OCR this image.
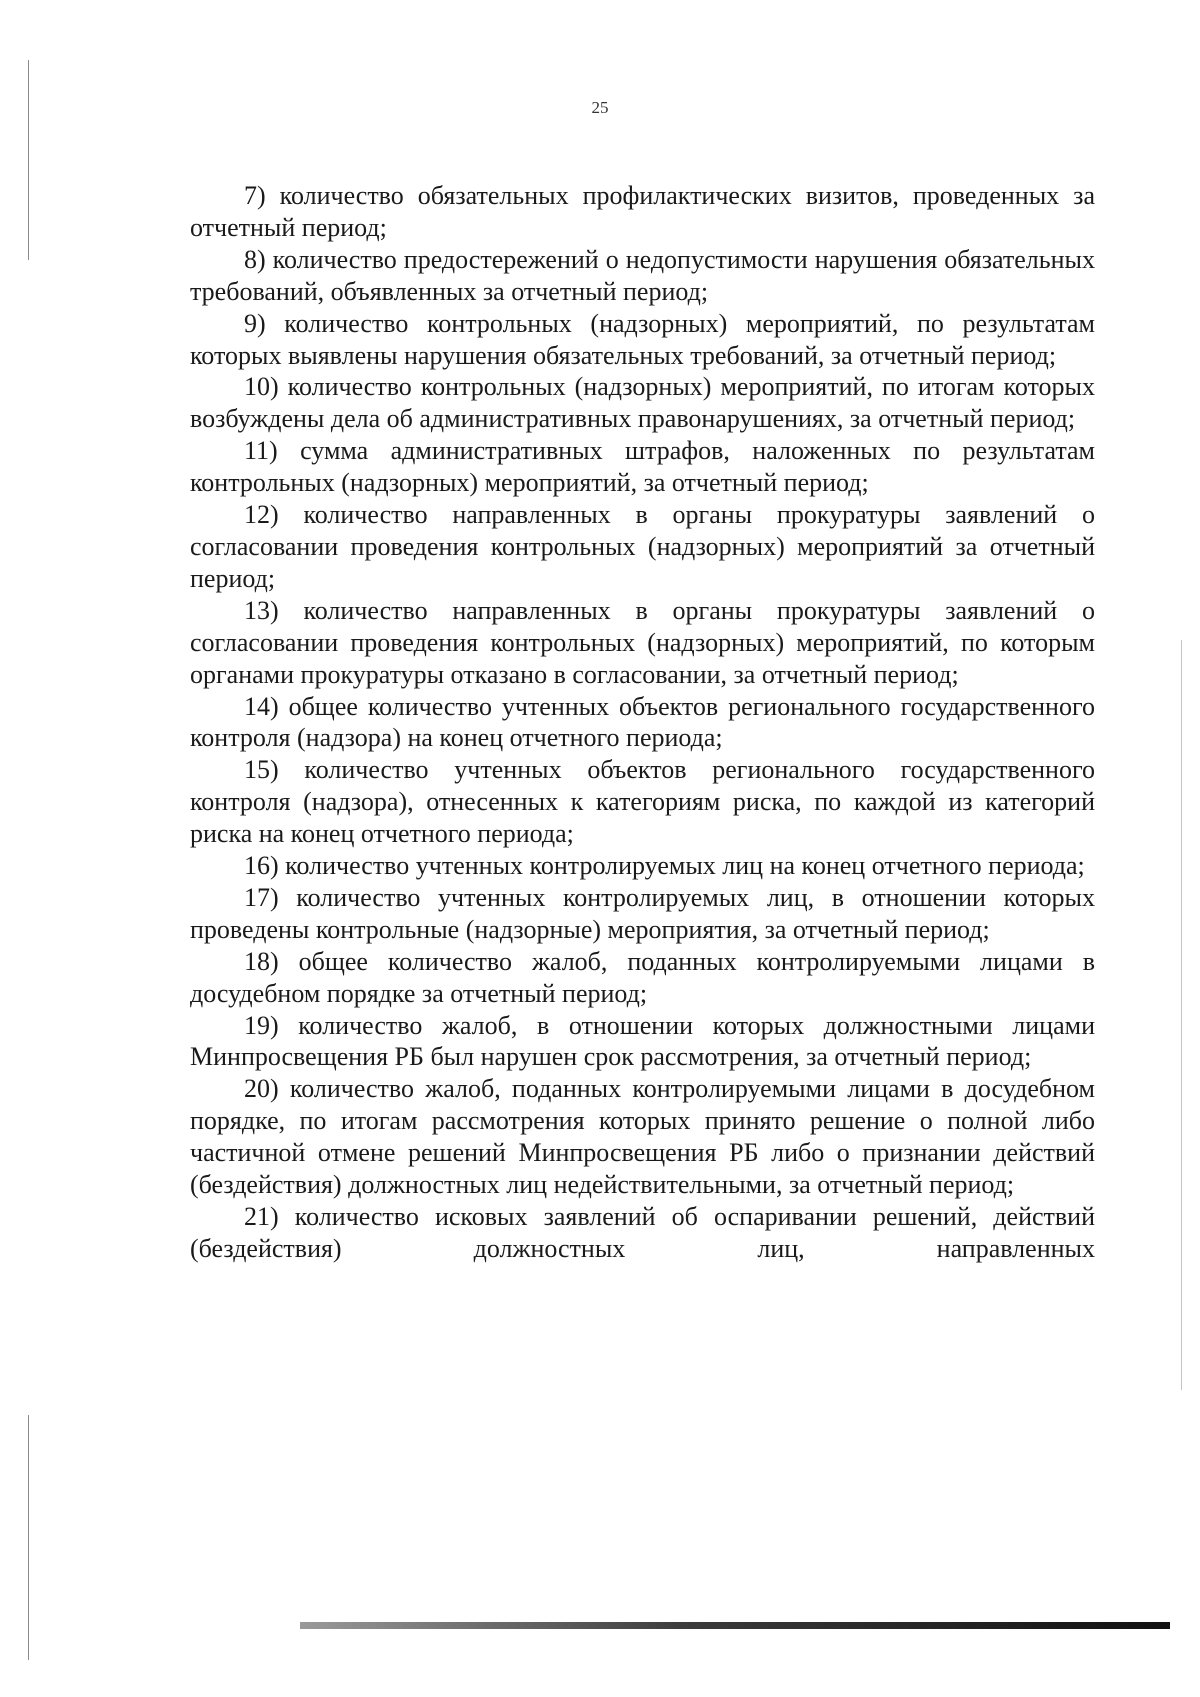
25

7) количество обязательных профилактических визитов, проведенных за отчетный период;

8) количество предостережений о недопустимости нарушения обязательных требований, объявленных за отчетный период;

9) количество контрольных (надзорных) мероприятий, по результатам которых выявлены нарушения обязательных требований, за отчетный период;

10) количество контрольных (надзорных) мероприятий, по итогам которых возбуждены дела об административных правонарушениях, за отчетный период;

11) сумма административных штрафов, наложенных по результатам контрольных (надзорных) мероприятий, за отчетный период;

12) количество направленных в органы прокуратуры заявлений о согласовании проведения контрольных (надзорных) мероприятий за отчетный период;

13) количество направленных в органы прокуратуры заявлений о согласовании проведения контрольных (надзорных) мероприятий, по которым органами прокуратуры отказано в согласовании, за отчетный период;

14) общее количество учтенных объектов регионального государственного контроля (надзора) на конец отчетного периода;

15) количество учтенных объектов регионального государственного контроля (надзора), отнесенных к категориям риска, по каждой из категорий риска на конец отчетного периода;

16) количество учтенных контролируемых лиц на конец отчетного периода;

17) количество учтенных контролируемых лиц, в отношении которых проведены контрольные (надзорные) мероприятия, за отчетный период;

18) общее количество жалоб, поданных контролируемыми лицами в досудебном порядке за отчетный период;

19) количество жалоб, в отношении которых должностными лицами Минпросвещения РБ был нарушен срок рассмотрения, за отчетный период;

20) количество жалоб, поданных контролируемыми лицами в досудебном порядке, по итогам рассмотрения которых принято решение о полной либо частичной отмене решений Минпросвещения РБ либо о признании действий (бездействия) должностных лиц недействительными, за отчетный период;

21) количество исковых заявлений об оспаривании решений, действий (бездействия) должностных лиц, направленных
